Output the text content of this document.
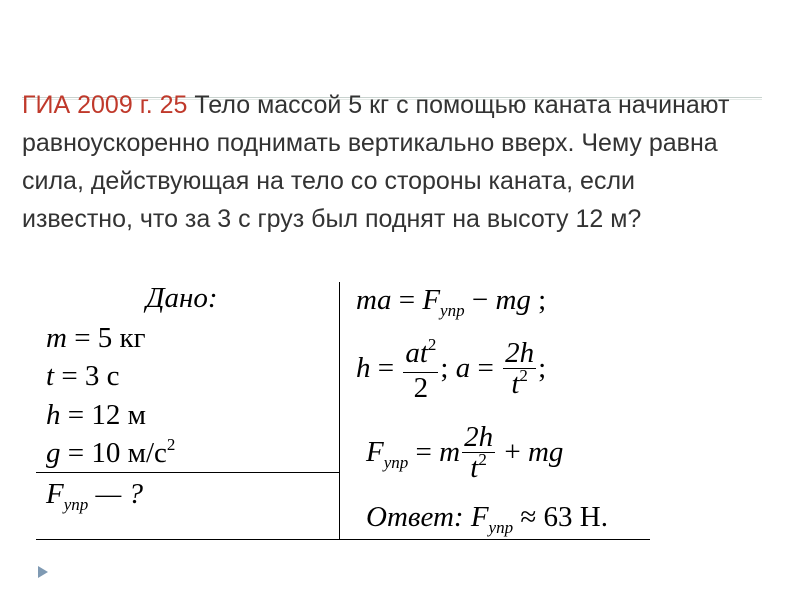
ГИА 2009 г. 25 Тело массой 5 кг с помощью каната начинают равноускоренно поднимать вертикально вверх. Чему равна сила, действующая на тело со стороны каната, если известно, что за 3 с груз был поднят на высоту 12 м?

Дано:
m = 5 кг
t = 3 с
h = 12 м
g = 10 $м/с^2$
$F_{упр}$ — ?
ma = $F_{упр}$ − mg ;
$h = \frac{at^2}{2}$ ; $a = \frac{2h}{t^2}$ ;
$F_{упр} = m \frac{2h}{t^2}$ + mg
Ответ: $F_{упр} \approx 63$ Н.
